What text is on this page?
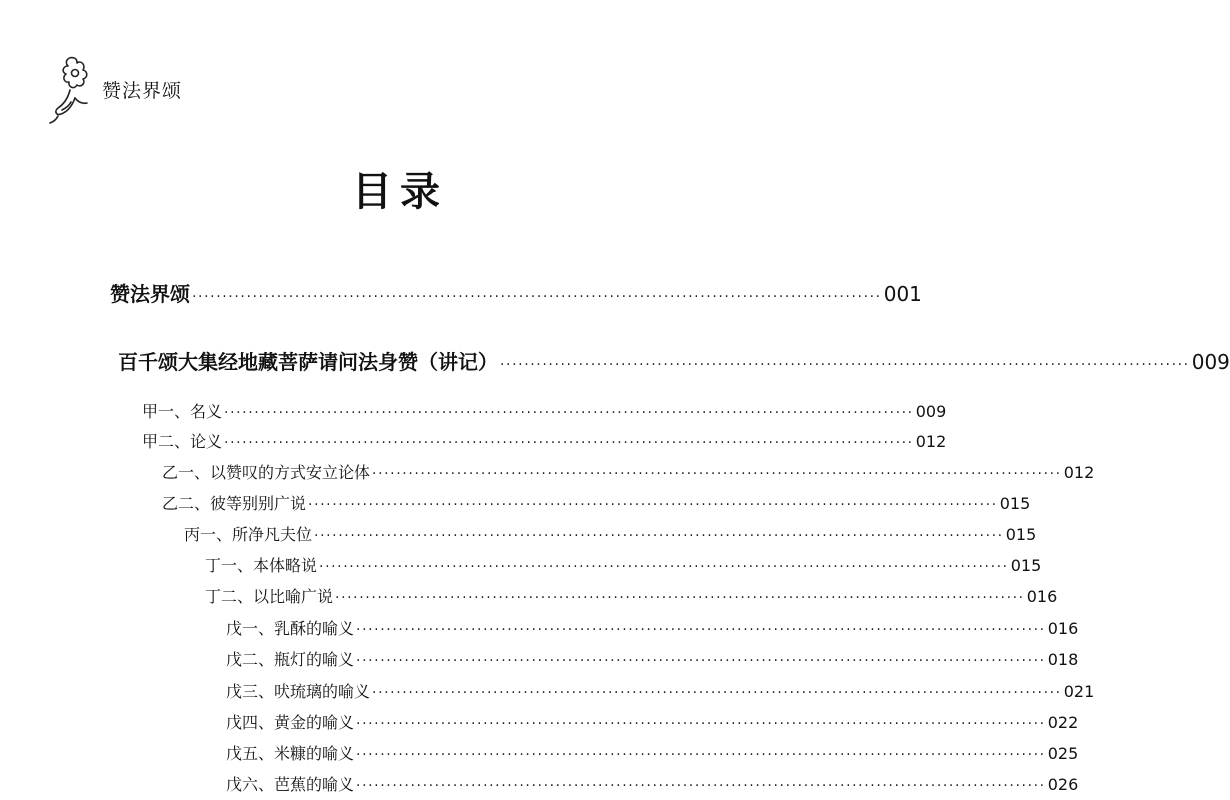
赞法界颂
目录
赞法界颂 ·················································································································· 001
百千颂大集经地藏菩萨请问法身赞（讲记） ·················································································································· 009
甲一、名义 ·················································································································· 009
甲二、论义 ·················································································································· 012
乙一、以赞叹的方式安立论体 ·················································································································· 012
乙二、彼等别别广说 ·················································································································· 015
丙一、所净凡夫位 ·················································································································· 015
丁一、本体略说 ·················································································································· 015
丁二、以比喻广说 ·················································································································· 016
戊一、乳酥的喻义 ·················································································································· 016
戊二、瓶灯的喻义 ·················································································································· 018
戊三、吠琉璃的喻义 ·················································································································· 021
戊四、黄金的喻义 ·················································································································· 022
戊五、米糠的喻义 ·················································································································· 025
戊六、芭蕉的喻义 ·················································································································· 026
